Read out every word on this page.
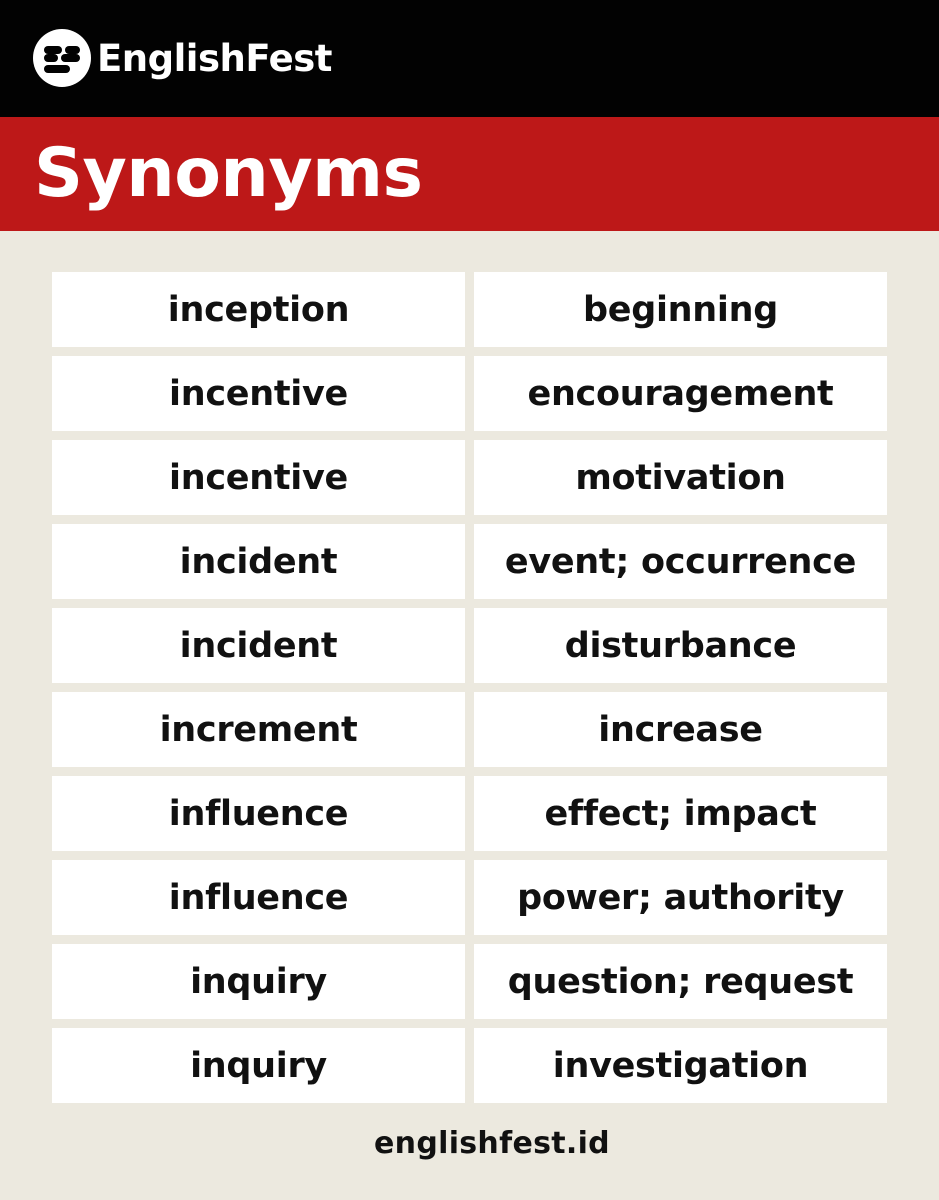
EnglishFest
Synonyms
inception	beginning
incentive	encouragement
incentive	motivation
incident	event; occurrence
incident	disturbance
increment	increase
influence	effect; impact
influence	power; authority
inquiry	question; request
inquiry	investigation
englishfest.id
